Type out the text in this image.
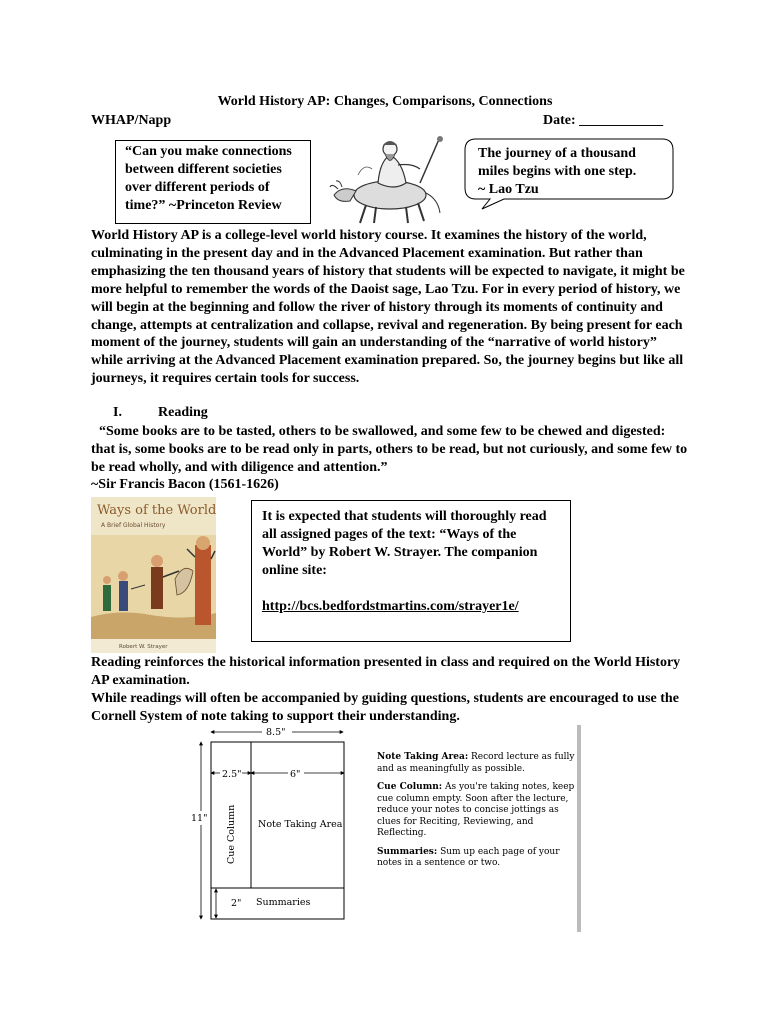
World History AP: Changes, Comparisons, Connections
WHAP/Napp	Date: ____________
“Can you make connections between different societies over different periods of time?” ~Princeton Review
The journey of a thousand
miles begins with one step.
~ Lao Tzu

World History AP is a college-level world history course. It examines the history of the world, culminating in the present day and in the Advanced Placement examination. But rather than emphasizing the ten thousand years of history that students will be expected to navigate, it might be more helpful to remember the words of the Daoist sage, Lao Tzu. For in every period of history, we will begin at the beginning and follow the river of history through its moments of continuity and change, attempts at centralization and collapse, revival and regeneration. By being present for each moment of the journey, students will gain an understanding of the “narrative of world history” while arriving at the Advanced Placement examination prepared. So, the journey begins but like all journeys, it requires certain tools for success.

I.	Reading

“Some books are to be tasted, others to be swallowed, and some few to be chewed and digested: that is, some books are to be read only in parts, others to be read, but not curiously, and some few to be read wholly, and with diligence and attention.”

~Sir Francis Bacon (1561-1626)
Ways of the World
A Brief Global History
Robert W. Strayer
It is expected that students will thoroughly read all assigned pages of the text: “Ways of the World” by Robert W. Strayer. The companion online site:
http://bcs.bedfordstmartins.com/strayer1e/

Reading reinforces the historical information presented in class and required on the World History AP examination.
While readings will often be accompanied by guiding questions, students are encouraged to use the Cornell System of note taking to support their understanding.

8.5"
2.5"	6"
11"
2"
Cue Column Note Taking Area
Summaries

Note Taking Area: Record lecture as fully and as meaningfully as possible.

Cue Column: As you're taking notes, keep cue column empty. Soon after the lecture, reduce your notes to concise jottings as clues for Reciting, Reviewing, and Reflecting.

Summaries: Sum up each page of your notes in a sentence or two.
